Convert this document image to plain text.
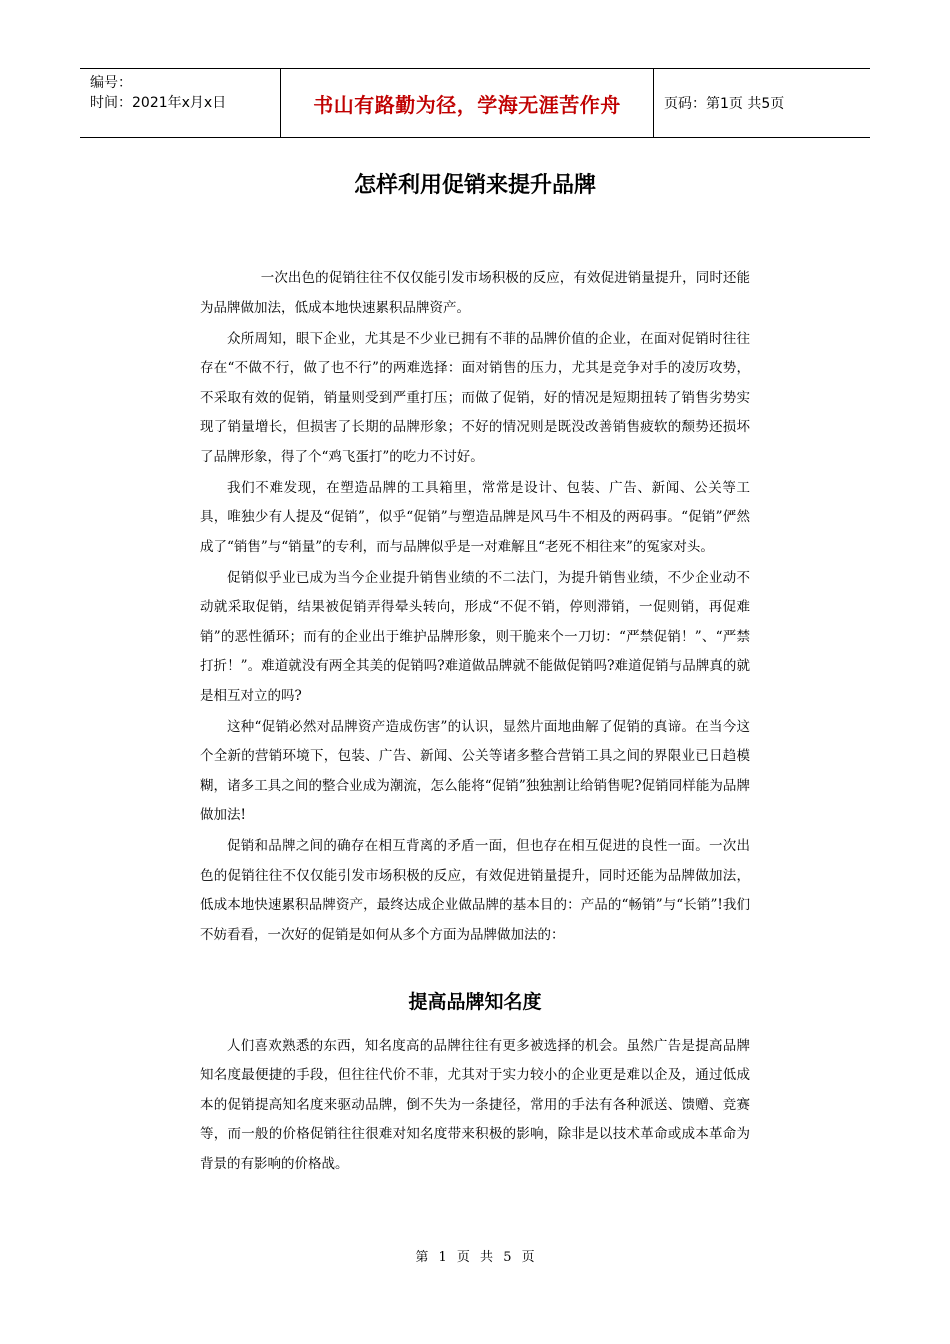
编号：
时间：2021年x月x日	书山有路勤为径，学海无涯苦作舟	页码：第1页 共5页
怎样利用促销来提升品牌

一次出色的促销往往不仅仅能引发市场积极的反应，有效促进销量提升，同时还能为品牌做加法，低成本地快速累积品牌资产。

众所周知，眼下企业，尤其是不少业已拥有不菲的品牌价值的企业，在面对促销时往往存在“不做不行，做了也不行”的两难选择：面对销售的压力，尤其是竞争对手的凌厉攻势，不采取有效的促销，销量则受到严重打压；而做了促销，好的情况是短期扭转了销售劣势实现了销量增长，但损害了长期的品牌形象；不好的情况则是既没改善销售疲软的颓势还损坏了品牌形象，得了个“鸡飞蛋打”的吃力不讨好。

我们不难发现，在塑造品牌的工具箱里，常常是设计、包装、广告、新闻、公关等工具，唯独少有人提及“促销”，似乎“促销”与塑造品牌是风马牛不相及的两码事。“促销”俨然成了“销售”与“销量”的专利，而与品牌似乎是一对难解且“老死不相往来”的冤家对头。

促销似乎业已成为当今企业提升销售业绩的不二法门，为提升销售业绩，不少企业动不动就采取促销，结果被促销弄得晕头转向，形成“不促不销，停则滞销，一促则销，再促难销”的恶性循环；而有的企业出于维护品牌形象，则干脆来个一刀切：“严禁促销！”、“严禁打折！”。难道就没有两全其美的促销吗?难道做品牌就不能做促销吗?难道促销与品牌真的就是相互对立的吗?

这种“促销必然对品牌资产造成伤害”的认识，显然片面地曲解了促销的真谛。在当今这个全新的营销环境下，包装、广告、新闻、公关等诸多整合营销工具之间的界限业已日趋模糊，诸多工具之间的整合业成为潮流，怎么能将“促销”独独割让给销售呢?促销同样能为品牌做加法!

促销和品牌之间的确存在相互背离的矛盾一面，但也存在相互促进的良性一面。一次出色的促销往往不仅仅能引发市场积极的反应，有效促进销量提升，同时还能为品牌做加法，低成本地快速累积品牌资产，最终达成企业做品牌的基本目的：产品的“畅销”与“长销”!我们不妨看看，一次好的促销是如何从多个方面为品牌做加法的：

提高品牌知名度

人们喜欢熟悉的东西，知名度高的品牌往往有更多被选择的机会。虽然广告是提高品牌知名度最便捷的手段，但往往代价不菲，尤其对于实力较小的企业更是难以企及，通过低成本的促销提高知名度来驱动品牌，倒不失为一条捷径，常用的手法有各种派送、馈赠、竞赛等，而一般的价格促销往往很难对知名度带来积极的影响，除非是以技术革命或成本革命为背景的有影响的价格战。

第 1 页 共 5 页
